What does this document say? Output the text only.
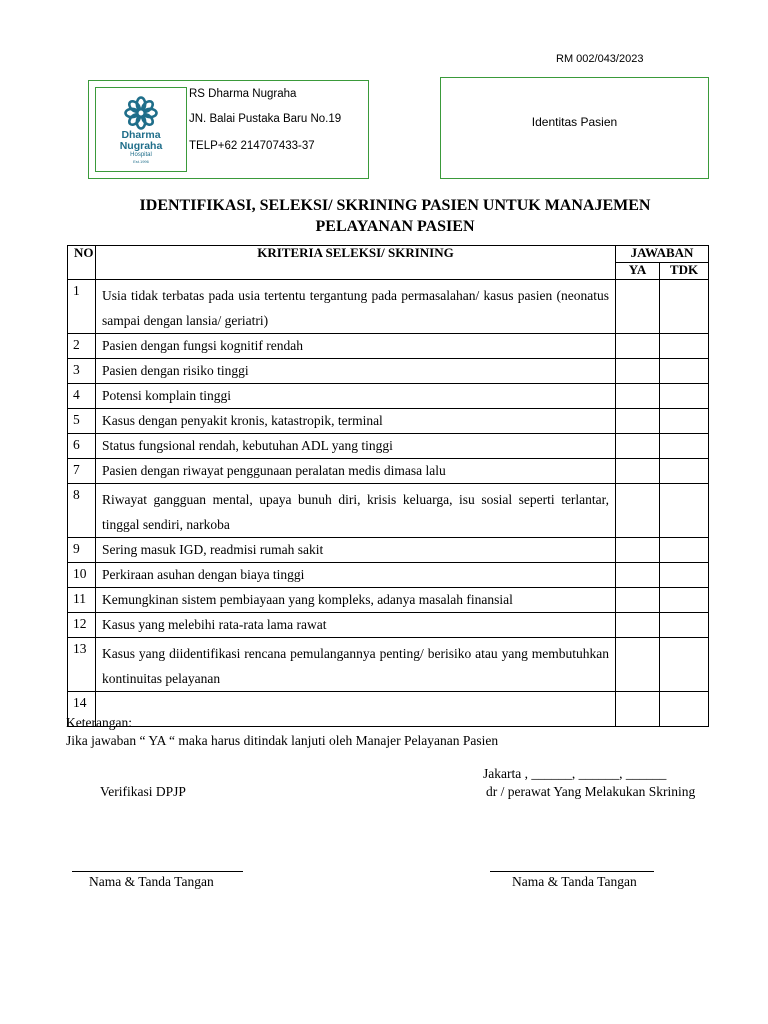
RM 002/043/2023
Dharma
Nugraha
Hospital
Est.1996
RS Dharma Nugraha
JN. Balai Pustaka Baru No.19
TELP+62 214707433-37
Identitas Pasien
IDENTIFIKASI, SELEKSI/ SKRINING PASIEN UNTUK MANAJEMEN
PELAYANAN PASIEN
NO	KRITERIA SELEKSI/ SKRINING	JAWABAN	
		YA	TDK
1	Usia tidak terbatas pada usia tertentu tergantung pada permasalahan/ kasus pasien (neonatus sampai dengan lansia/ geriatri)		
2	Pasien dengan fungsi kognitif rendah		
3	Pasien dengan risiko tinggi		
4	Potensi komplain tinggi		
5	Kasus dengan penyakit kronis, katastropik, terminal		
6	Status fungsional rendah, kebutuhan ADL yang tinggi		
7	Pasien dengan riwayat penggunaan peralatan medis dimasa lalu		
8	Riwayat gangguan mental, upaya bunuh diri, krisis keluarga, isu sosial seperti terlantar, tinggal sendiri, narkoba		
9	Sering masuk IGD, readmisi rumah sakit		
10	Perkiraan asuhan dengan biaya tinggi		
11	Kemungkinan sistem pembiayaan yang kompleks, adanya masalah finansial		
12	Kasus yang melebihi rata-rata lama rawat		
13	Kasus yang diidentifikasi rencana pemulangannya penting/ berisiko atau yang membutuhkan kontinuitas pelayanan		
14			
Keterangan:
Jika jawaban “ YA “ maka harus ditindak lanjuti oleh Manajer Pelayanan Pasien
Jakarta , ______, ______, ______
Verifikasi DPJP	dr / perawat Yang Melakukan Skrining
Nama & Tanda Tangan	Nama & Tanda Tangan
